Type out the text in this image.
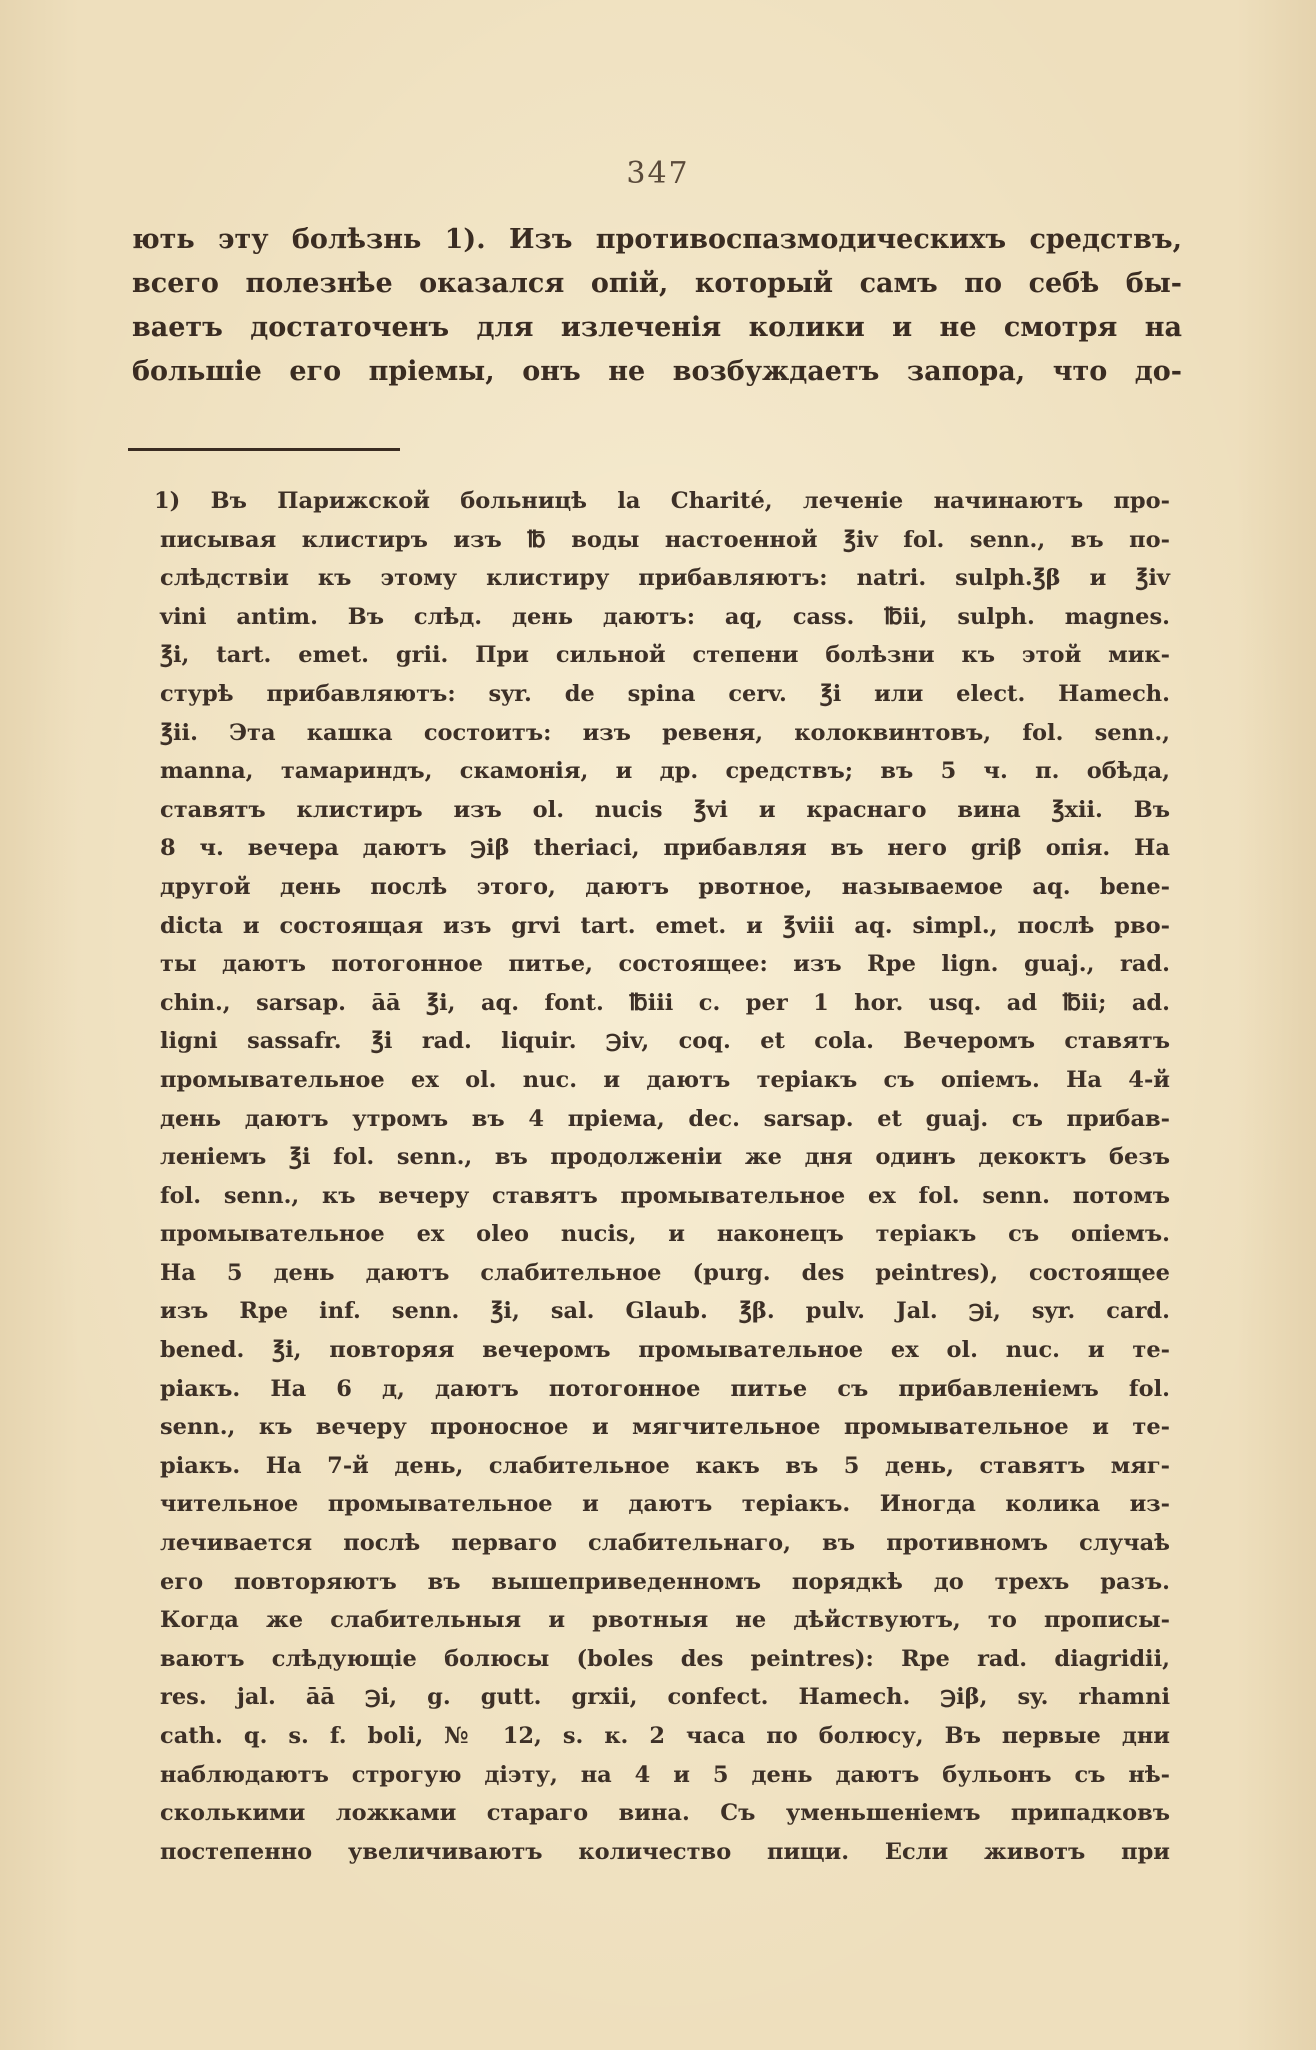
347
ють эту болѣзнь 1). Изъ противоспазмодическихъ средствъ,
всего полезнѣе оказался опій, который самъ по себѣ бы-
ваетъ достаточенъ для излеченія колики и не смотря на
большіе его пріемы, онъ не возбуждаетъ запора, что до-
1) Въ Парижской больницѣ la Charité, леченіе начинаютъ про-
писывая клистиръ изъ ℔ воды настоенной ℥iv fol. senn., въ по-
слѣдствіи къ этому клистиру прибавляютъ: natri. sulph.℥β и ℥iv
vini antim. Въ слѣд. день даютъ: aq, cass. ℔ii, sulph. magnes.
℥i, tart. emet. grii. При сильной степени болѣзни къ этой мик-
стурѣ прибавляютъ: syr. de spina cerv. ℥i или elect. Hamech.
℥ii. Эта кашка состоитъ: изъ ревеня, колоквинтовъ, fol. senn.,
manna, тамариндъ, скамонія, и др. средствъ; въ 5 ч. п. обѣда,
ставятъ клистиръ изъ ol. nucis ℥vi и краснаго вина ℥xii. Въ
8 ч. вечера даютъ ℈iβ theriaci, прибавляя въ него griβ опія. На
другой день послѣ этого, даютъ рвотное, называемое aq. bene-
dicta и состоящая изъ grvi tart. emet. и ℥viii aq. simpl., послѣ рво-
ты даютъ потогонное питье, состоящее: изъ Rpe lign. guaj., rad.
chin., sarsap. āā ℥i, aq. font. ℔iii c. per 1 hor. usq. ad ℔ii; ad.
ligni sassafr. ℥i rad. liquir. ℈iv, coq. et cola. Вечеромъ ставятъ
промывательное ex ol. nuc. и даютъ теріакъ съ опіемъ. На 4-й
день даютъ утромъ въ 4 пріема, dec. sarsap. et guaj. съ прибав-
леніемъ ℥i fol. senn., въ продолженіи же дня одинъ декоктъ безъ
fol. senn., къ вечеру ставятъ промывательное ex fol. senn. потомъ
промывательное ex oleo nucis, и наконецъ теріакъ съ опіемъ.
На 5 день даютъ слабительное (purg. des peintres), состоящее
изъ Rpe inf. senn. ℥i, sal. Glaub. ℥β. pulv. Jal. ℈i, syr. card.
bened. ℥i, повторяя вечеромъ промывательное ex ol. nuc. и те-
ріакъ. На 6 д, даютъ потогонное питье съ прибавленіемъ fol.
senn., къ вечеру проносное и мягчительное промывательное и те-
ріакъ. На 7-й день, слабительное какъ въ 5 день, ставятъ мяг-
чительное промывательное и даютъ теріакъ. Иногда колика из-
лечивается послѣ перваго слабительнаго, въ противномъ случаѣ
его повторяютъ въ вышеприведенномъ порядкѣ до трехъ разъ.
Когда же слабительныя и рвотныя не дѣйствуютъ, то прописы-
ваютъ слѣдующіе болюсы (boles des peintres): Rpe rad. diagridii,
res. jal. āā ℈i, g. gutt. grxii, confect. Hamech. ℈iβ, sy. rhamni
cath. q. s. f. boli, № 12, s. к. 2 часа по болюсу, Въ первые дни
наблюдаютъ строгую діэту, на 4 и 5 день даютъ бульонъ съ нѣ-
сколькими ложками стараго вина. Съ уменьшеніемъ припадковъ
постепенно увеличиваютъ количество пищи. Если животъ при
